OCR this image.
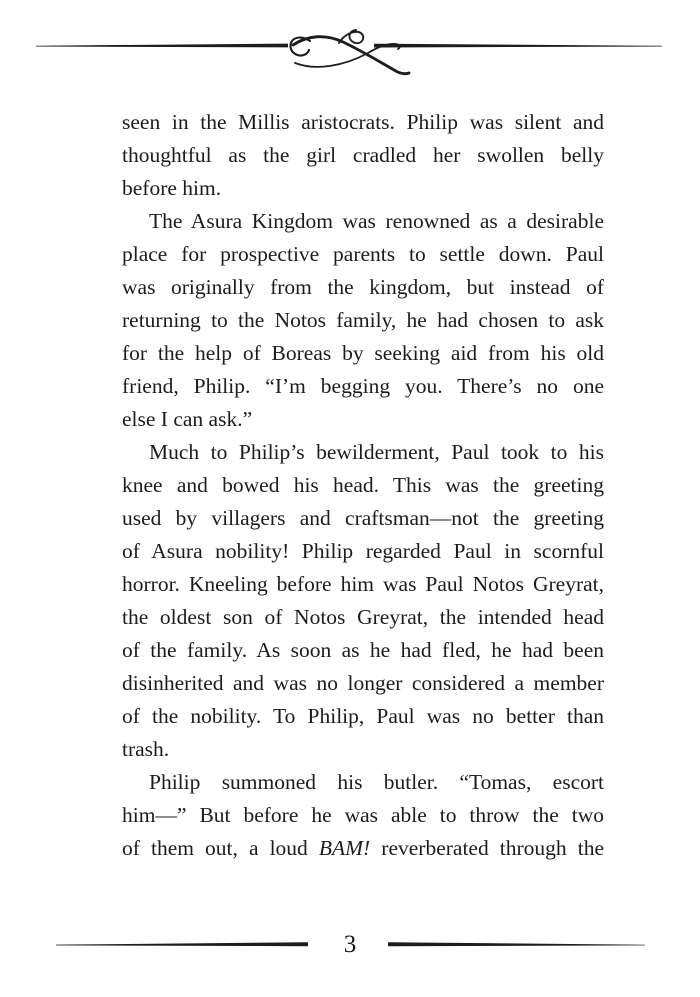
seen in the Millis aristocrats. Philip was silent and
thoughtful as the girl cradled her swollen belly
before him.
The Asura Kingdom was renowned as a desirable
place for prospective parents to settle down. Paul
was originally from the kingdom, but instead of
returning to the Notos family, he had chosen to ask
for the help of Boreas by seeking aid from his old
friend, Philip. “I’m begging you. There’s no one
else I can ask.”
Much to Philip’s bewilderment, Paul took to his
knee and bowed his head. This was the greeting
used by villagers and craftsman—not the greeting
of Asura nobility! Philip regarded Paul in scornful
horror. Kneeling before him was Paul Notos Greyrat,
the oldest son of Notos Greyrat, the intended head
of the family. As soon as he had fled, he had been
disinherited and was no longer considered a member
of the nobility. To Philip, Paul was no better than
trash.
Philip summoned his butler. “Tomas, escort
him—” But before he was able to throw the two
of them out, a loud BAM! reverberated through the
3
